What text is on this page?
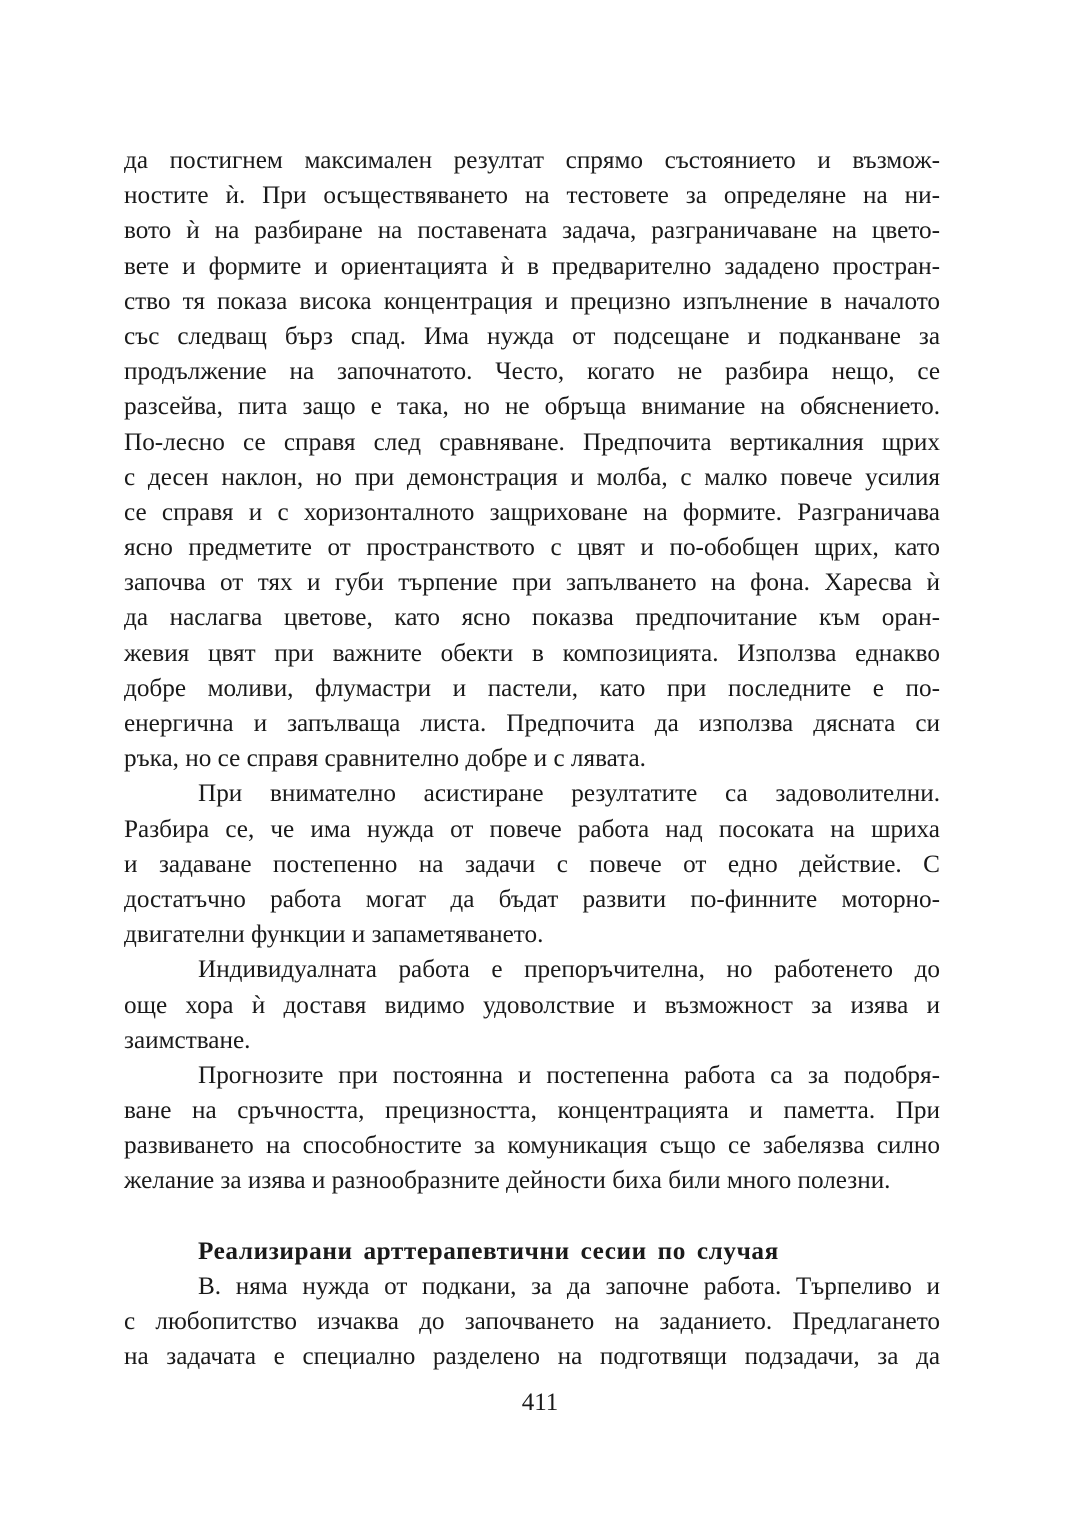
да постигнем максимален резултат спрямо състоянието и възмож-
ностите ѝ. При осъществяването на тестовете за определяне на ни-
вото ѝ на разбиране на поставената задача, разграничаване на цвето-
вете и формите и ориентацията ѝ в предварително зададено простран-
ство тя показа висока концентрация и прецизно изпълнение в началото
със следващ бърз спад. Има нужда от подсещане и подканване за
продължение на започнатото. Често, когато не разбира нещо, се
разсейва, пита защо е така, но не обръща внимание на обяснението.
По-лесно се справя след сравняване. Предпочита вертикалния щрих
с десен наклон, но при демонстрация и молба, с малко повече усилия
се справя и с хоризонталното защриховане на формите. Разграничава
ясно предметите от пространството с цвят и по-обобщен щрих, като
започва от тях и губи търпение при запълването на фона. Харесва ѝ
да наслагва цветове, като ясно показва предпочитание към оран-
жевия цвят при важните обекти в композицията. Използва еднакво
добре моливи, флумастри и пастели, като при последните е по-
енергична и запълваща листа. Предпочита да използва дясната си
ръка, но се справя сравнително добре и с лявата.
При внимателно асистиране резултатите са задоволителни.
Разбира се, че има нужда от повече работа над посоката на шриха
и задаване постепенно на задачи с повече от едно действие. С
достатъчно работа могат да бъдат развити по-финните моторно-
двигателни функции и запаметяването.
Индивидуалната работа е препоръчителна, но работенето до
още хора ѝ доставя видимо удоволствие и възможност за изява и
заимстване.
Прогнозите при постоянна и постепенна работа са за подобря-
ване на сръчността, прецизността, концентрацията и паметта. При
развиването на способностите за комуникация също се забелязва силно
желание за изява и разнообразните дейности биха били много полезни.
Реализирани арттерапевтични сесии по случая
В. няма нужда от подкани, за да започне работа. Търпеливо и
с любопитство изчаква до започването на заданието. Предлагането
на задачата е специално разделено на подготвящи подзадачи, за да
411
